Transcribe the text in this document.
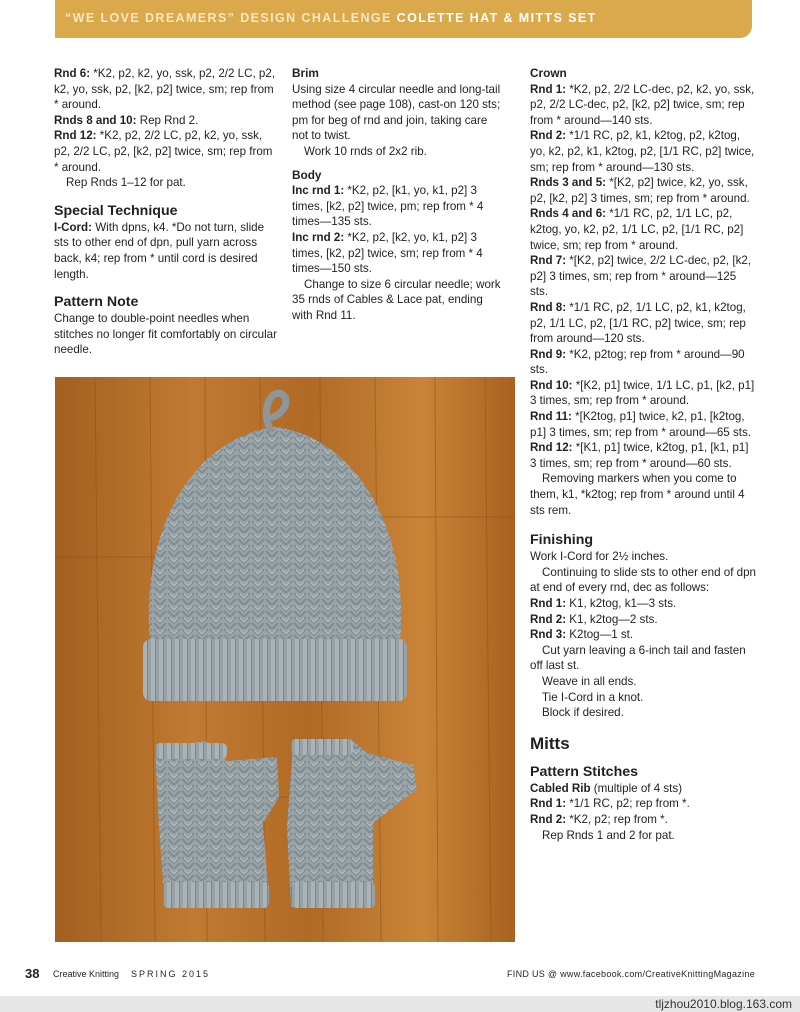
“WE LOVE DREAMERS” DESIGN CHALLENGE COLETTE HAT & MITTS SET

Rnd 6: *K2, p2, k2, yo, ssk, p2, 2/2 LC, p2, k2, yo, ssk, p2, [k2, p2] twice, sm; rep from * around.

Rnds 8 and 10: Rep Rnd 2.

Rnd 12: *K2, p2, 2/2 LC, p2, k2, yo, ssk, p2, 2/2 LC, p2, [k2, p2] twice, sm; rep from * around.

Rep Rnds 1–12 for pat.

Special Technique

I-Cord: With dpns, k4. *Do not turn, slide sts to other end of dpn, pull yarn across back, k4; rep from * until cord is desired length.

Pattern Note

Change to double-point needles when stitches no longer fit comfortably on circular needle.

Brim

Using size 4 circular needle and long-tail method (see page 108), cast-on 120 sts; pm for beg of rnd and join, taking care not to twist.

Work 10 rnds of 2x2 rib.

Body

Inc rnd 1: *K2, p2, [k1, yo, k1, p2] 3 times, [k2, p2] twice, pm; rep from * 4 times—135 sts.

Inc rnd 2: *K2, p2, [k2, yo, k1, p2] 3 times, [k2, p2] twice, sm; rep from * 4 times—150 sts.

Change to size 6 circular needle; work 35 rnds of Cables & Lace pat, ending with Rnd 11.

Crown

Rnd 1: *K2, p2, 2/2 LC-dec, p2, k2, yo, ssk, p2, 2/2 LC-dec, p2, [k2, p2] twice, sm; rep from * around—140 sts.

Rnd 2: *1/1 RC, p2, k1, k2tog, p2, k2tog, yo, k2, p2, k1, k2tog, p2, [1/1 RC, p2] twice, sm; rep from * around—130 sts.

Rnds 3 and 5: *[K2, p2] twice, k2, yo, ssk, p2, [k2, p2] 3 times, sm; rep from * around.

Rnds 4 and 6: *1/1 RC, p2, 1/1 LC, p2, k2tog, yo, k2, p2, 1/1 LC, p2, [1/1 RC, p2] twice, sm; rep from * around.

Rnd 7: *[K2, p2] twice, 2/2 LC-dec, p2, [k2, p2] 3 times, sm; rep from * around—125 sts.

Rnd 8: *1/1 RC, p2, 1/1 LC, p2, k1, k2tog, p2, 1/1 LC, p2, [1/1 RC, p2] twice, sm; rep from around—120 sts.

Rnd 9: *K2, p2tog; rep from * around—90 sts.

Rnd 10: *[K2, p1] twice, 1/1 LC, p1, [k2, p1] 3 times, sm; rep from * around.

Rnd 11: *[K2tog, p1] twice, k2, p1, [k2tog, p1] 3 times, sm; rep from * around—65 sts.

Rnd 12: *[K1, p1] twice, k2tog, p1, [k1, p1] 3 times, sm; rep from * around—60 sts.

Removing markers when you come to them, k1, *k2tog; rep from * around until 4 sts rem.

Finishing

Work I-Cord for 2½ inches.

Continuing to slide sts to other end of dpn at end of every rnd, dec as follows:

Rnd 1: K1, k2tog, k1—3 sts.

Rnd 2: K1, k2tog—2 sts.

Rnd 3: K2tog—1 st.

Cut yarn leaving a 6-inch tail and fasten off last st.

Weave in all ends.

Tie I-Cord in a knot.

Block if desired.

Mitts
Pattern Stitches

Cabled Rib (multiple of 4 sts)

Rnd 1: *1/1 RC, p2; rep from *.

Rnd 2: *K2, p2; rep from *.

Rep Rnds 1 and 2 for pat.

38 Creative Knitting SPRING 2015	FIND US @ www.facebook.com/CreativeKnittingMagazine
tljzhou2010.blog.163.com
